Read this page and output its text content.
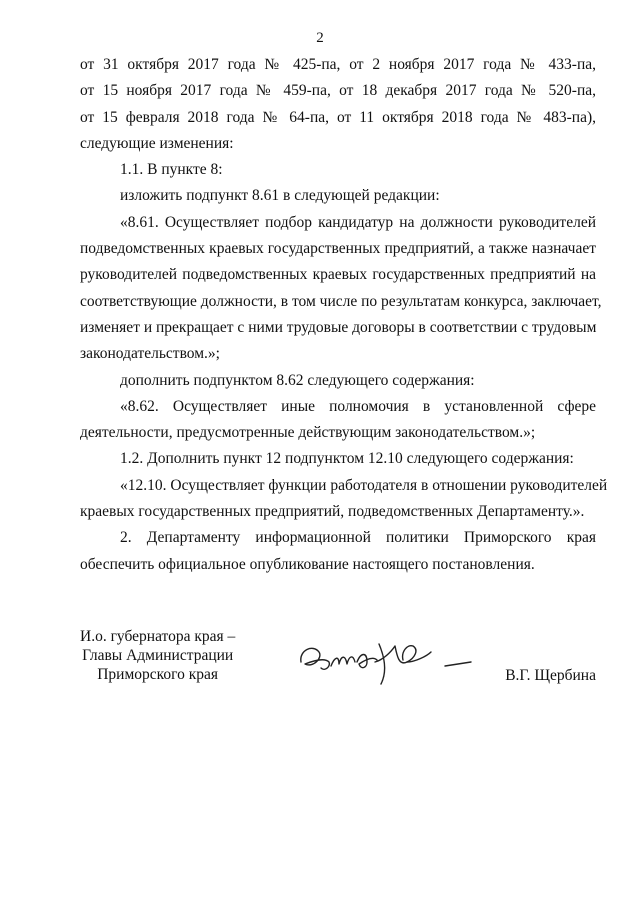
2
от 31 октября 2017 года № 425-па, от 2 ноября 2017 года № 433-па,
от 15 ноября 2017 года № 459-па, от 18 декабря 2017 года № 520-па,
от 15 февраля 2018 года № 64-па, от 11 октября 2018 года № 483-па),
следующие изменения:
1.1. В пункте 8:
изложить подпункт 8.61 в следующей редакции:
«8.61. Осуществляет подбор кандидатур на должности руководителей
подведомственных краевых государственных предприятий, а также назначает
руководителей подведомственных краевых государственных предприятий на
соответствующие должности, в том числе по результатам конкурса, заключает,
изменяет и прекращает с ними трудовые договоры в соответствии с трудовым
законодательством.»;
дополнить подпунктом 8.62 следующего содержания:
«8.62. Осуществляет иные полномочия в установленной сфере
деятельности, предусмотренные действующим законодательством.»;
1.2. Дополнить пункт 12 подпунктом 12.10 следующего содержания:
«12.10. Осуществляет функции работодателя в отношении руководителей
краевых государственных предприятий, подведомственных Департаменту.».
2. Департаменту информационной политики Приморского края
обеспечить официальное опубликование настоящего постановления.
И.о. губернатора края –
Главы Администрации
Приморского края	В.Г. Щербина
